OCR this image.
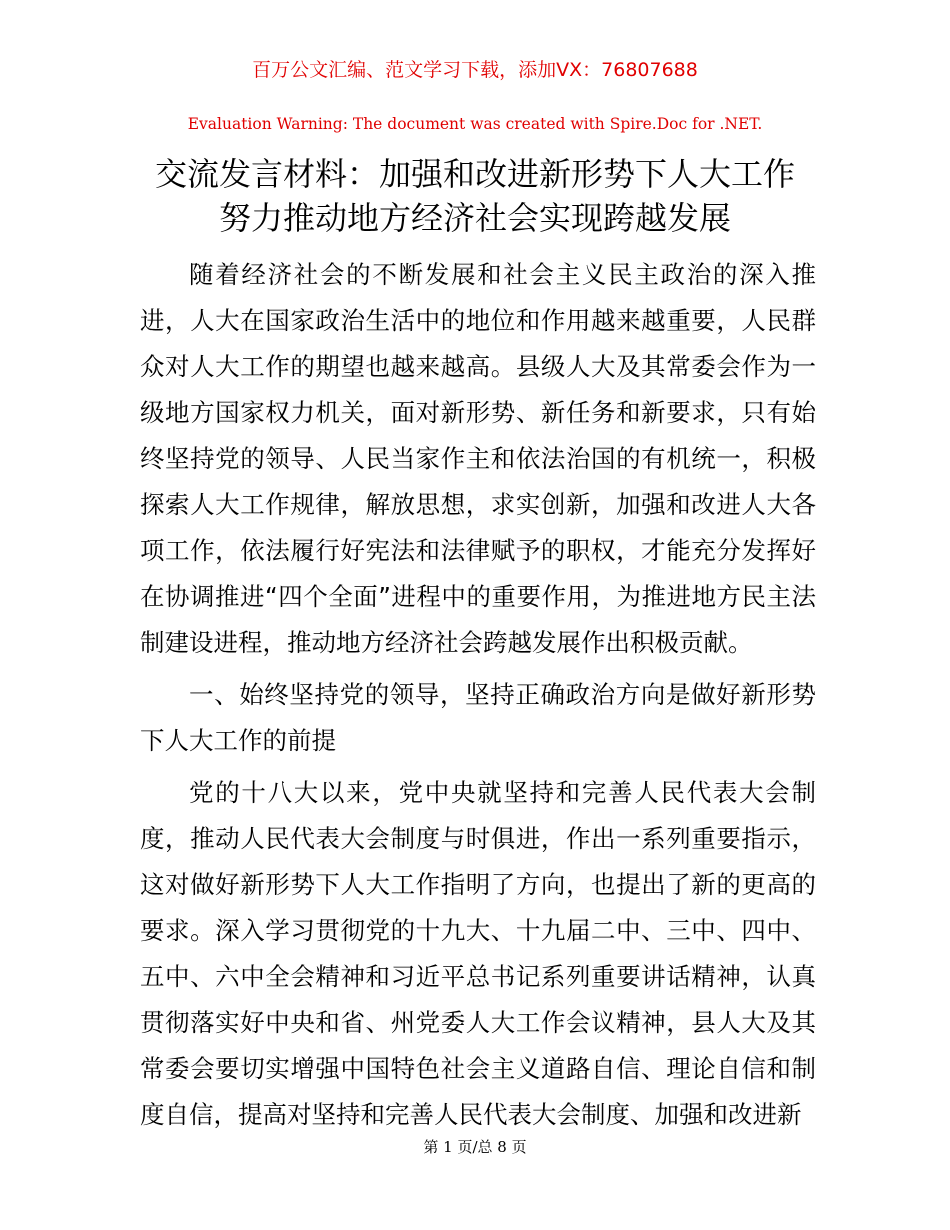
百万公文汇编、范文学习下载，添加VX：76807688
Evaluation Warning: The document was created with Spire.Doc for .NET.
交流发言材料：加强和改进新形势下人大工作
努力推动地方经济社会实现跨越发展

随着经济社会的不断发展和社会主义民主政治的深入推进，人大在国家政治生活中的地位和作用越来越重要，人民群众对人大工作的期望也越来越高。县级人大及其常委会作为一级地方国家权力机关，面对新形势、新任务和新要求，只有始终坚持党的领导、人民当家作主和依法治国的有机统一，积极探索人大工作规律，解放思想，求实创新，加强和改进人大各项工作，依法履行好宪法和法律赋予的职权，才能充分发挥好在协调推进“四个全面”进程中的重要作用，为推进地方民主法制建设进程，推动地方经济社会跨越发展作出积极贡献。

一、始终坚持党的领导，坚持正确政治方向是做好新形势下人大工作的前提

党的十八大以来，党中央就坚持和完善人民代表大会制度，推动人民代表大会制度与时俱进，作出一系列重要指示，这对做好新形势下人大工作指明了方向，也提出了新的更高的要求。深入学习贯彻党的十九大、十九届二中、三中、四中、五中、六中全会精神和习近平总书记系列重要讲话精神，认真贯彻落实好中央和省、州党委人大工作会议精神，县人大及其常委会要切实增强中国特色社会主义道路自信、理论自信和制度自信，提高对坚持和完善人民代表大会制度、加强和改进新

第 1 页/总 8 页
